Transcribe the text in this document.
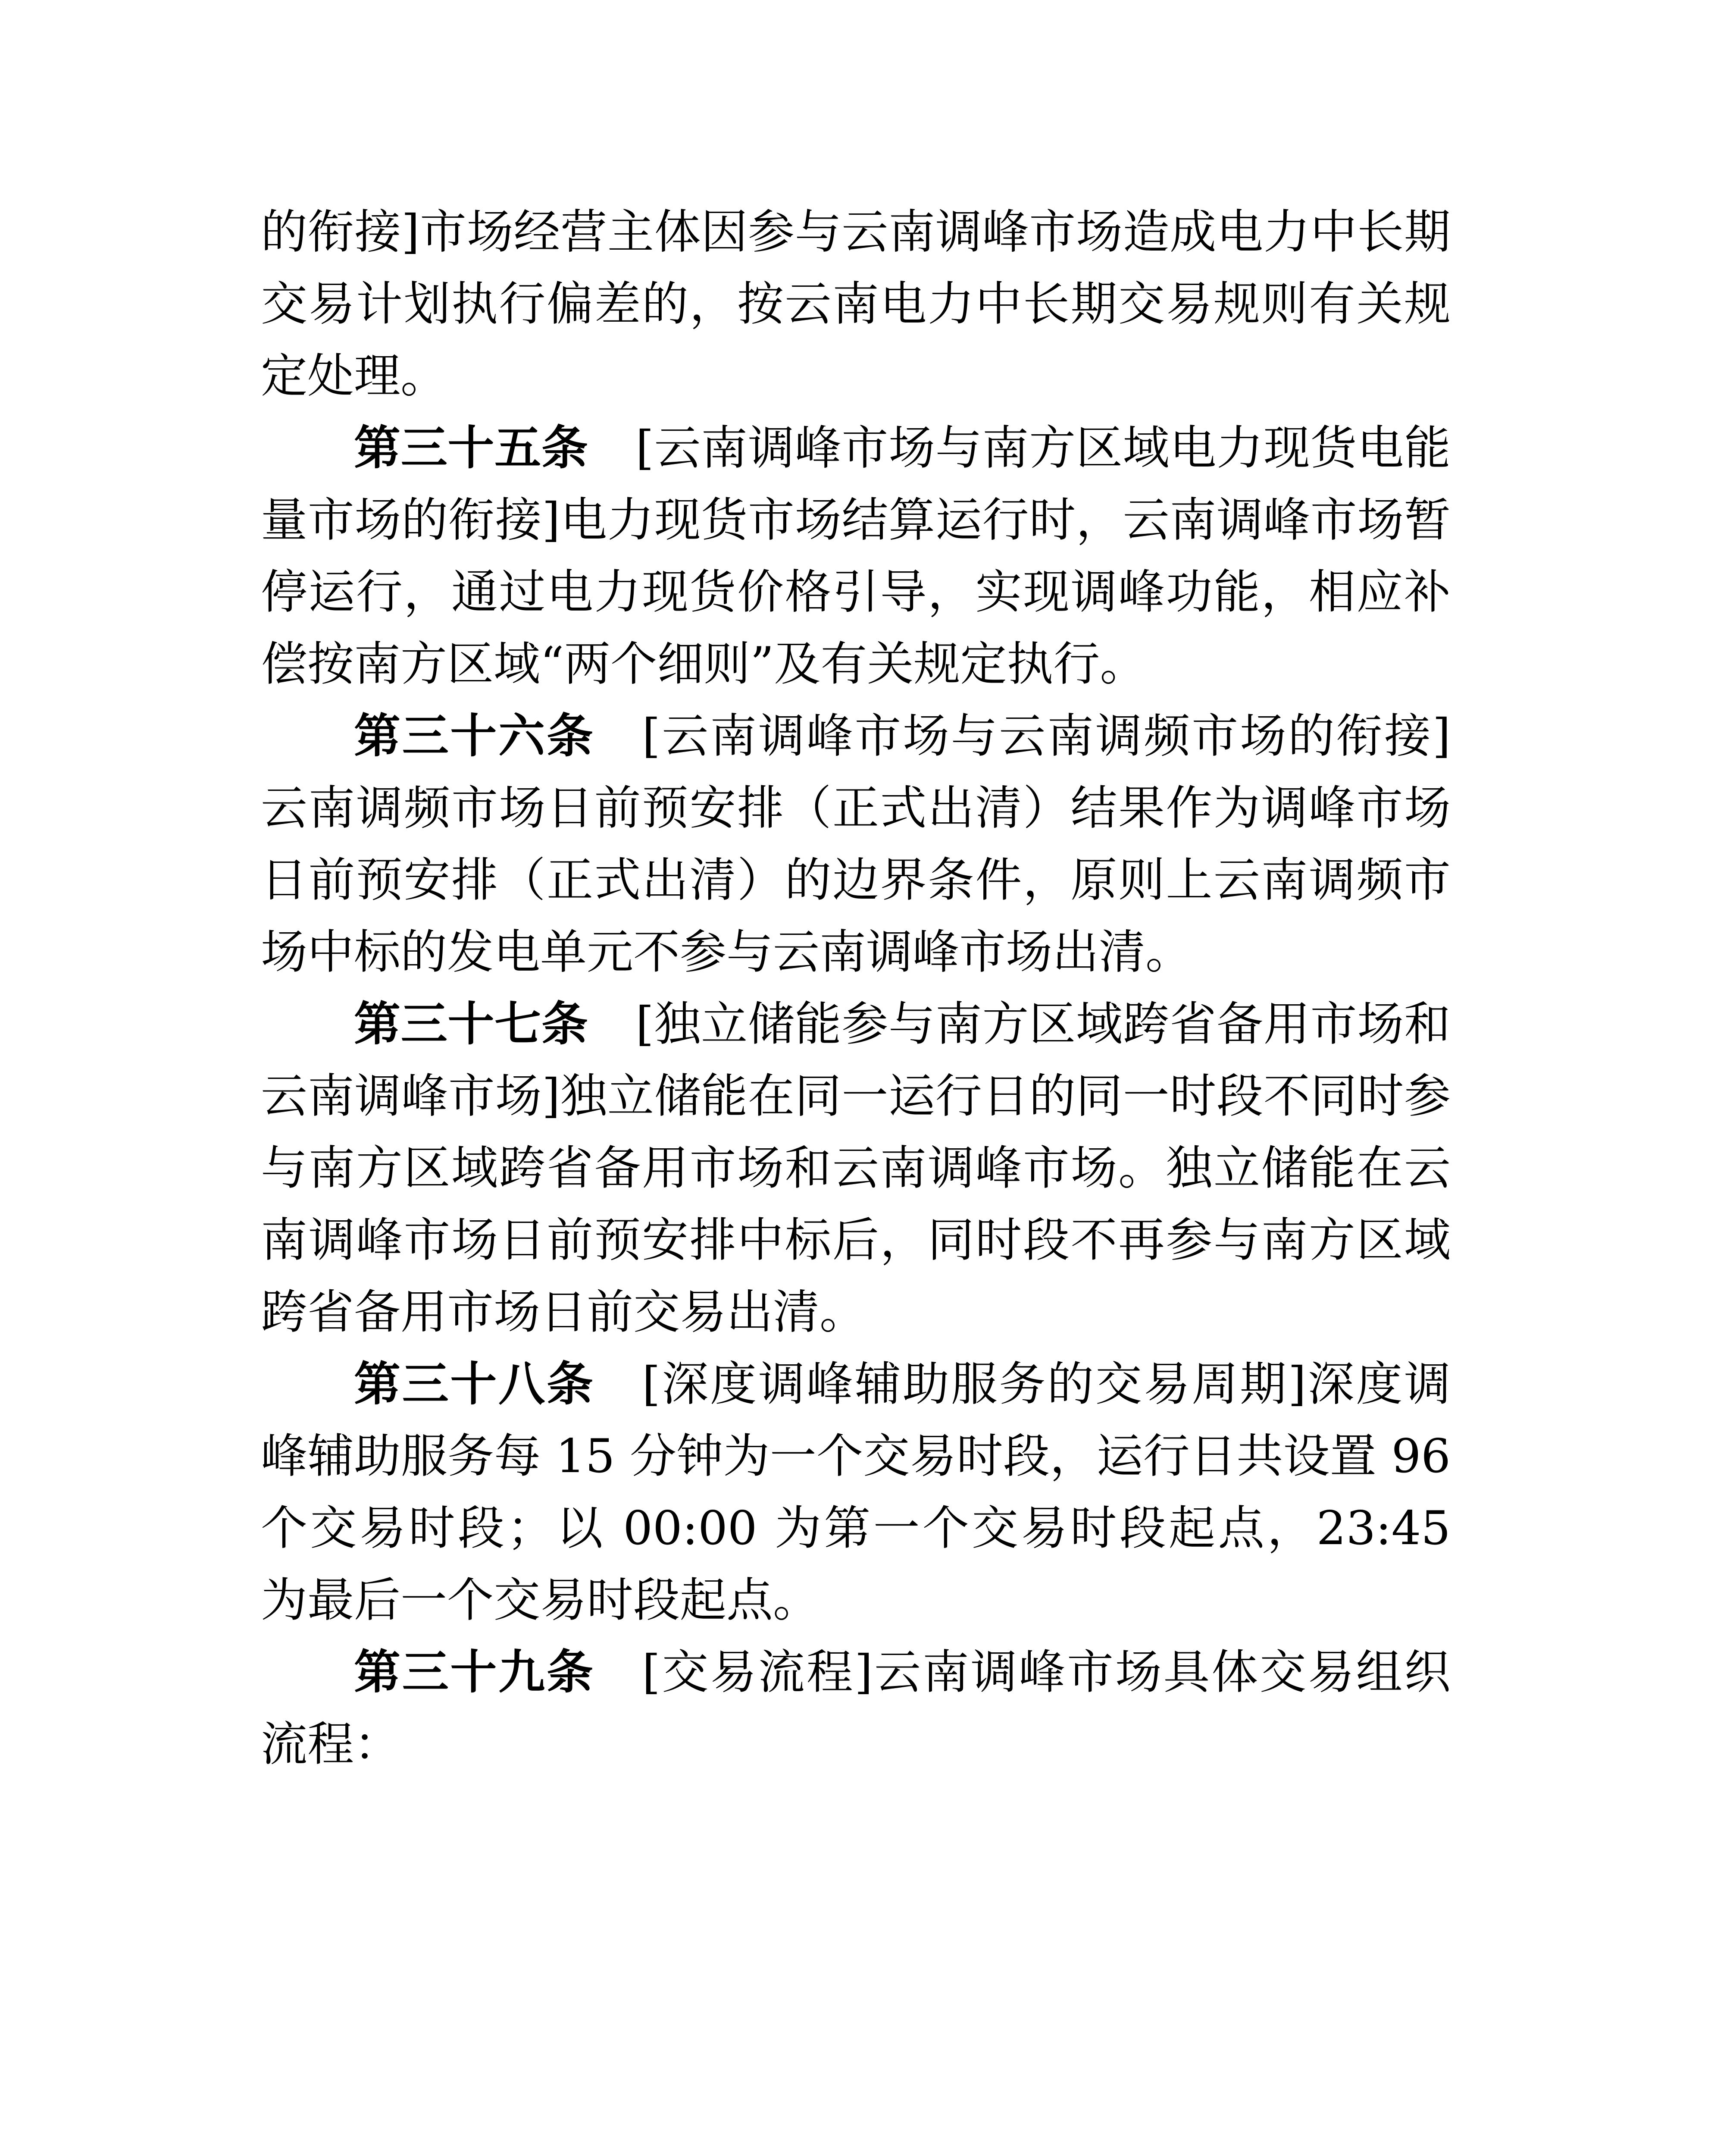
的衔接]市场经营主体因参与云南调峰市场造成电力中长期交易计划执行偏差的，按云南电力中长期交易规则有关规定处理。

第三十五条 [云南调峰市场与南方区域电力现货电能量市场的衔接]电力现货市场结算运行时，云南调峰市场暂停运行，通过电力现货价格引导，实现调峰功能，相应补偿按南方区域“两个细则”及有关规定执行。

第三十六条 [云南调峰市场与云南调频市场的衔接]云南调频市场日前预安排（正式出清）结果作为调峰市场日前预安排（正式出清）的边界条件，原则上云南调频市场中标的发电单元不参与云南调峰市场出清。

第三十七条 [独立储能参与南方区域跨省备用市场和云南调峰市场]独立储能在同一运行日的同一时段不同时参与南方区域跨省备用市场和云南调峰市场。独立储能在云南调峰市场日前预安排中标后，同时段不再参与南方区域跨省备用市场日前交易出清。

第三十八条 [深度调峰辅助服务的交易周期]深度调峰辅助服务每 15 分钟为一个交易时段，运行日共设置 96 个交易时段；以 00:00 为第一个交易时段起点，23:45 为最后一个交易时段起点。

第三十九条 [交易流程]云南调峰市场具体交易组织流程：
